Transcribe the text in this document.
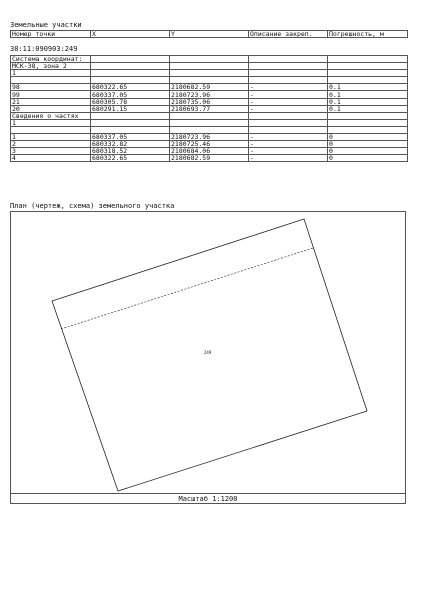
Земельные участки
Номер точки	X	Y	Описание закреп.	Погрешность, м
38:11:090903:249
Система координат:				
МСК-38, зона 2				
1				

98	680322.65	2180682.59	-	0.1
99	680337.05	2180723.96	-	0.1
21	680305.78	2180735.06	-	0.1
20	680291.15	2180693.77	-	0.1
Сведения о частях				
1				

1	680337.05	2180723.96	-	0
2	680332.82	2180725.46	-	0
3	680318.52	2180684.06	-	0
4	680322.65	2180682.59	-	0
План (чертеж, схема) земельного участка
249
Масштаб 1:1200
